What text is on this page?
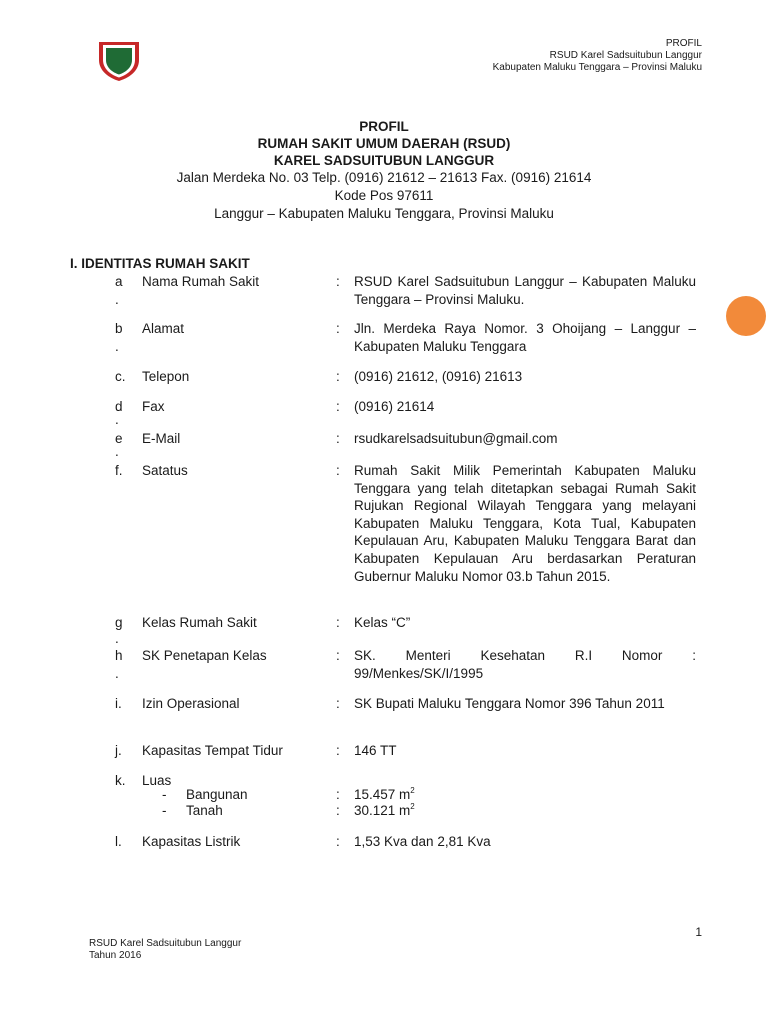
PROFIL
RSUD Karel Sadsuitubun Langgur
Kabupaten Maluku Tenggara – Provinsi Maluku
PROFIL
RUMAH SAKIT UMUM DAERAH (RSUD)
KAREL SADSUITUBUN LANGGUR
Jalan Merdeka No. 03 Telp. (0916) 21612 – 21613 Fax. (0916) 21614
Kode Pos 97611
Langgur – Kabupaten Maluku Tenggara, Provinsi Maluku
I. IDENTITAS RUMAH SAKIT
a
.
Nama Rumah Sakit	: RSUD Karel Sadsuitubun Langgur – Kabupaten Maluku Tenggara – Provinsi Maluku.
b
.
Alamat	: Jln. Merdeka Raya Nomor. 3 Ohoijang – Langgur – Kabupaten Maluku Tenggara
c. Telepon	: (0916) 21612, (0916) 21613
d
.
Fax	: (0916) 21614
e
.
E-Mail	: rsudkarelsadsuitubun@gmail.com
f.	Satatus	: Rumah Sakit Milik Pemerintah Kabupaten Maluku Tenggara yang telah ditetapkan sebagai Rumah Sakit Rujukan Regional Wilayah Tenggara yang melayani Kabupaten Maluku Tenggara, Kota Tual, Kabupaten Kepulauan Aru, Kabupaten Maluku Tenggara Barat dan Kabupaten Kepulauan Aru berdasarkan Peraturan Gubernur Maluku Nomor 03.b Tahun 2015.
g
.
Kelas Rumah Sakit	: Kelas “C”
h
.
SK Penetapan Kelas	: SK. Menteri Kesehatan R.I Nomor : 99/Menkes/SK/I/1995
i.	Izin Operasional	: SK Bupati Maluku Tenggara Nomor 396 Tahun 2011
j.	Kapasitas Tempat Tidur	: 146 TT
k. Luas
- Bangunan	: 15.457 $m^2$
- Tanah	: 30.121 $m^2$
l.	Kapasitas Listrik	: 1,53 Kva dan 2,81 Kva
1
RSUD Karel Sadsuitubun Langgur
Tahun 2016
